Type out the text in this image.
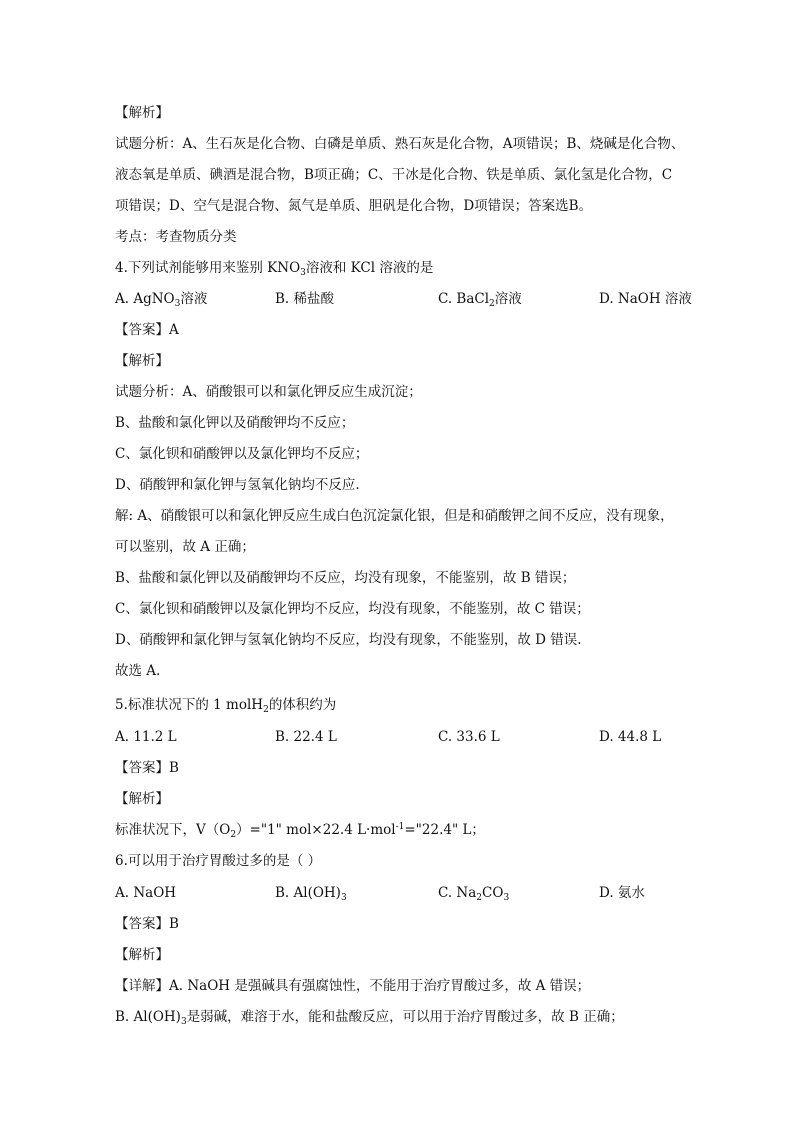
【解析】
试题分析：A、生石灰是化合物、白磷是单质、熟石灰是化合物，A项错误；B、烧碱是化合物、
液态氧是单质、碘酒是混合物，B项正确；C、干冰是化合物、铁是单质、氯化氢是化合物，C
项错误；D、空气是混合物、氮气是单质、胆矾是化合物，D项错误；答案选B。
考点：考查物质分类
4.下列试剂能够用来鉴别 $KNO_3$溶液和 KCl 溶液的是
A. AgNO$_3$溶液	B. 稀盐酸	C. BaCl$_2$溶液	D. NaOH 溶液
【答案】A
【解析】
试题分析：A、硝酸银可以和氯化钾反应生成沉淀；
B、盐酸和氯化钾以及硝酸钾均不反应；
C、氯化钡和硝酸钾以及氯化钾均不反应；
D、硝酸钾和氯化钾与氢氧化钠均不反应.
解: A、硝酸银可以和氯化钾反应生成白色沉淀氯化银，但是和硝酸钾之间不反应，没有现象，
可以鉴别，故 A 正确；
B、盐酸和氯化钾以及硝酸钾均不反应，均没有现象，不能鉴别，故 B 错误；
C、氯化钡和硝酸钾以及氯化钾均不反应，均没有现象，不能鉴别，故 C 错误；
D、硝酸钾和氯化钾与氢氧化钠均不反应，均没有现象，不能鉴别，故 D 错误.
故选 A.
5.标准状况下的 1 molH$_2$的体积约为
A. 11.2 L	B. 22.4 L	C. 33.6 L	D. 44.8 L
【答案】B
【解析】
标准状况下，$V(O_2)="1$" mol×22.4 L·mol$^{-1}$="22.4" L；
6.可以用于治疗胃酸过多的是（ ）
A. NaOH	B. $Al(OH)_3$	C. $Na_2CO_3$	D. 氨水
【答案】B
【解析】
【详解】A. NaOH 是强碱具有强腐蚀性，不能用于治疗胃酸过多，故 A 错误；
B. $Al(OH)_3$是弱碱，难溶于水，能和盐酸反应，可以用于治疗胃酸过多，故 B 正确；
